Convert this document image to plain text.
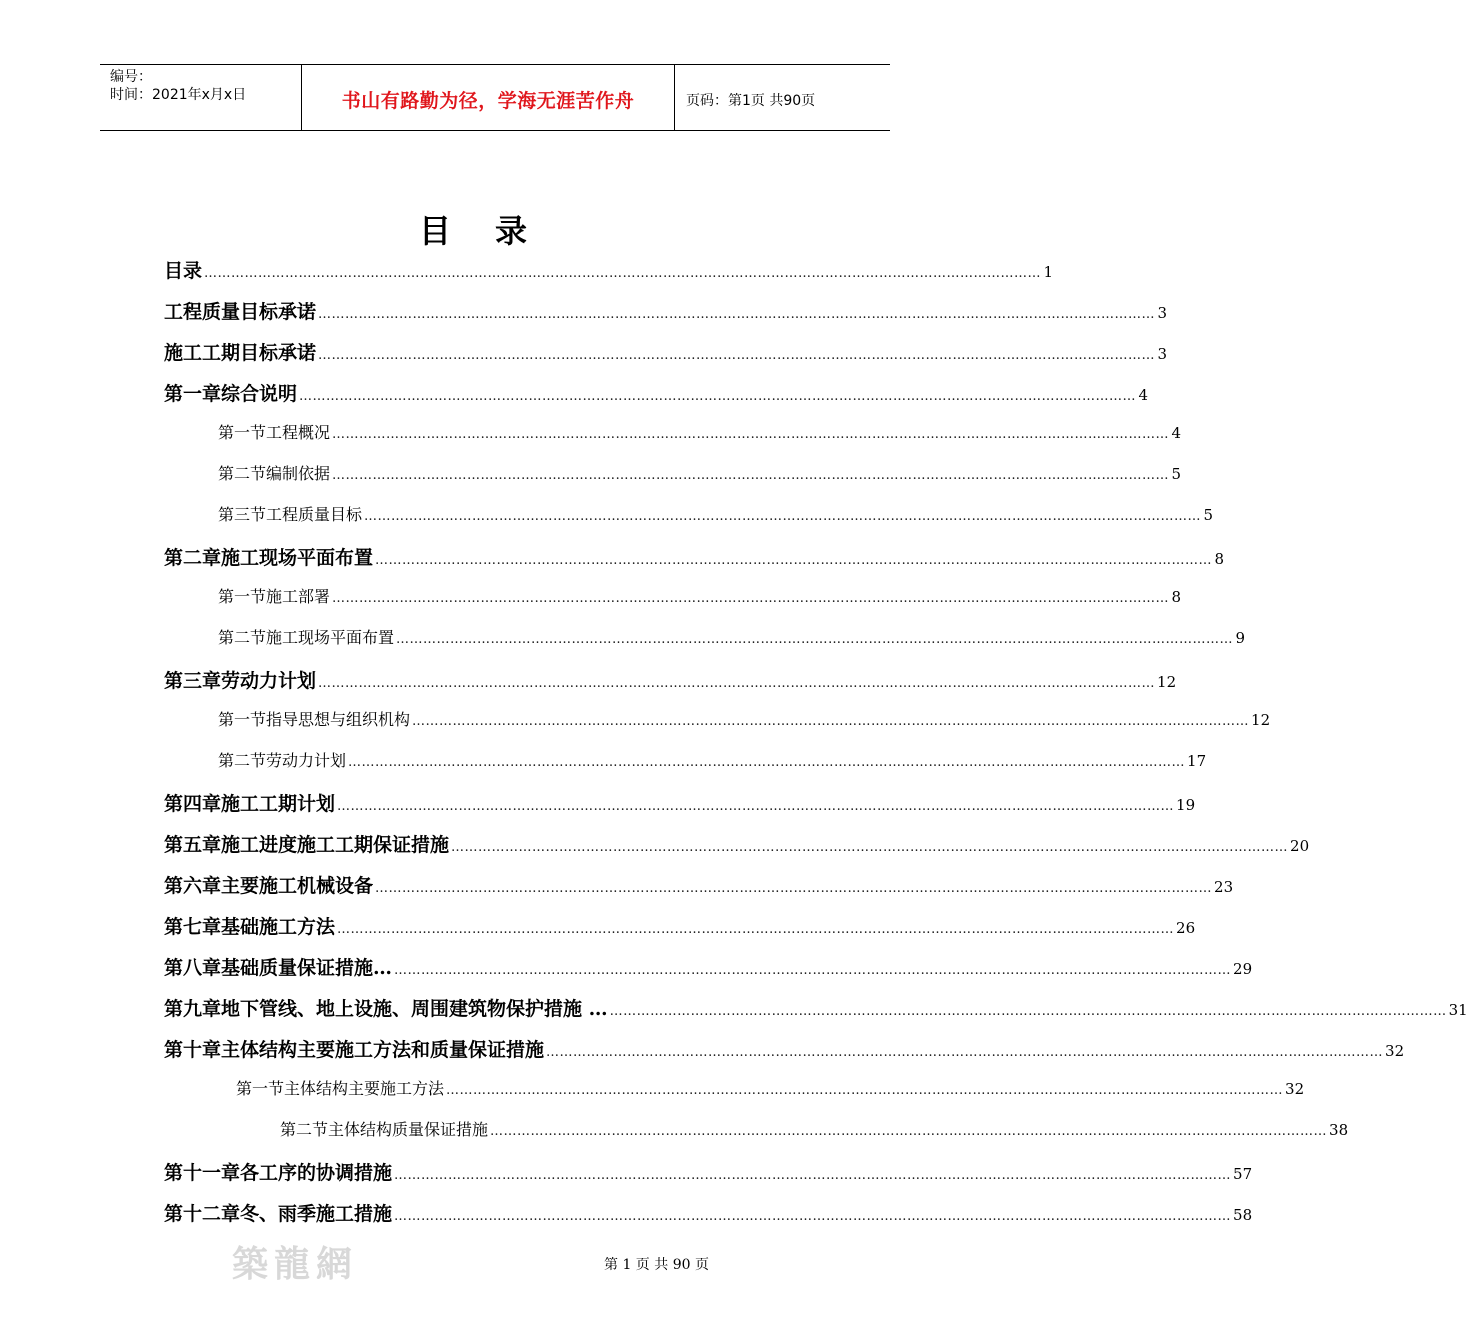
编号：
时间：2021年x月x日	书山有路勤为径，学海无涯苦作舟	页码：第1页 共90页
目录
目录 …………………………………………………………………………………………………………………………………………………………………… 1
工程质量目标承诺 …………………………………………………………………………………………………………………………………………………………………… 3
施工工期目标承诺 …………………………………………………………………………………………………………………………………………………………………… 3
第一章 综合说明 …………………………………………………………………………………………………………………………………………………………………… 4
第一节 工程概况 …………………………………………………………………………………………………………………………………………………………………… 4
第二节 编制依据 …………………………………………………………………………………………………………………………………………………………………… 5
第三节 工程质量目标 …………………………………………………………………………………………………………………………………………………………………… 5
第二章 施工现场平面布置 …………………………………………………………………………………………………………………………………………………………………… 8
第一节 施工部署 …………………………………………………………………………………………………………………………………………………………………… 8
第二节 施工现场平面布置 …………………………………………………………………………………………………………………………………………………………………… 9
第三章 劳动力计划 …………………………………………………………………………………………………………………………………………………………………… 12
第一节 指导思想与组织机构 …………………………………………………………………………………………………………………………………………………………………… 12
第二节 劳动力计划 …………………………………………………………………………………………………………………………………………………………………… 17
第四章 施工工期计划 …………………………………………………………………………………………………………………………………………………………………… 19
第五章 施工进度施工工期保证措施 …………………………………………………………………………………………………………………………………………………………………… 20
第六章 主要施工机械设备 …………………………………………………………………………………………………………………………………………………………………… 23
第七章 基础施工方法 …………………………………………………………………………………………………………………………………………………………………… 26
第八章 基础质量保证措施… …………………………………………………………………………………………………………………………………………………………………… 29
第九章 地下管线、地上设施、周围建筑物保护措施 … …………………………………………………………………………………………………………………………………………………………………… 31
第十章 主体结构主要施工方法和质量保证措施 …………………………………………………………………………………………………………………………………………………………………… 32
第一节 主体结构主要施工方法 …………………………………………………………………………………………………………………………………………………………………… 32
第二节 主体结构质量保证措施 …………………………………………………………………………………………………………………………………………………………………… 38
第十一章 各工序的协调措施 …………………………………………………………………………………………………………………………………………………………………… 57
第十二章 冬、雨季施工措施 …………………………………………………………………………………………………………………………………………………………………… 58
築龍網	第 1 页 共 90 页
